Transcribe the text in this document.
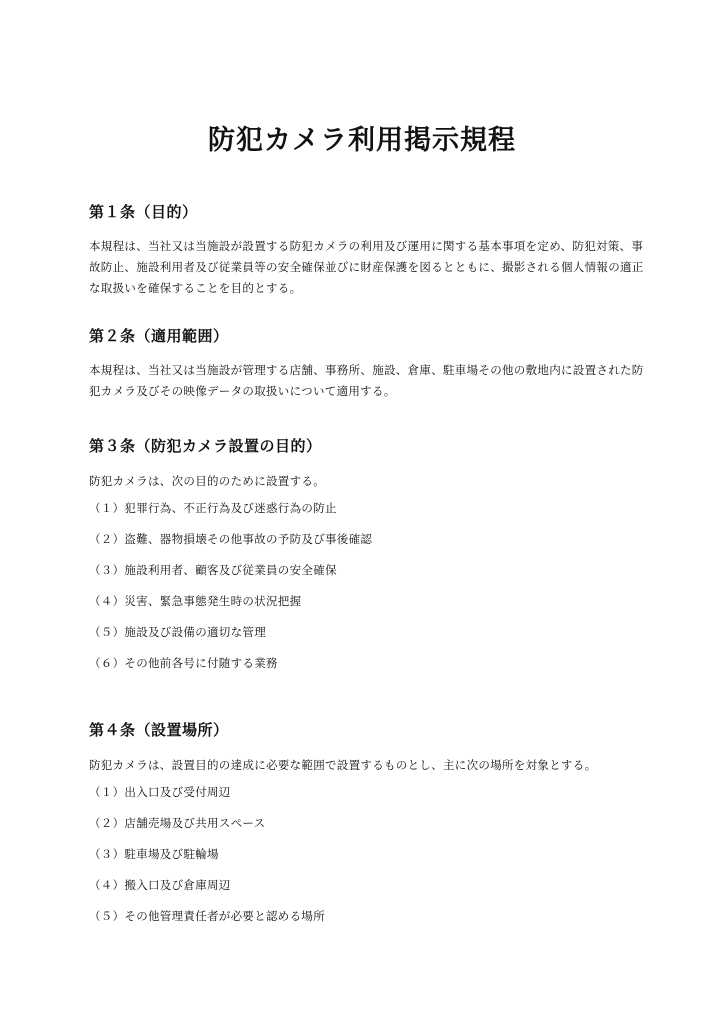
防犯カメラ利用掲示規程
第１条（目的）

本規程は、当社又は当施設が設置する防犯カメラの利用及び運用に関する基本事項を定め、防犯対策、事故防止、施設利用者及び従業員等の安全確保並びに財産保護を図るとともに、撮影される個人情報の適正な取扱いを確保することを目的とする。

第２条（適用範囲）

本規程は、当社又は当施設が管理する店舗、事務所、施設、倉庫、駐車場その他の敷地内に設置された防犯カメラ及びその映像データの取扱いについて適用する。

第３条（防犯カメラ設置の目的）

防犯カメラは、次の目的のために設置する。

（１）犯罪行為、不正行為及び迷惑行為の防止

（２）盗難、器物損壊その他事故の予防及び事後確認

（３）施設利用者、顧客及び従業員の安全確保

（４）災害、緊急事態発生時の状況把握

（５）施設及び設備の適切な管理

（６）その他前各号に付随する業務

第４条（設置場所）

防犯カメラは、設置目的の達成に必要な範囲で設置するものとし、主に次の場所を対象とする。

（１）出入口及び受付周辺

（２）店舗売場及び共用スペース

（３）駐車場及び駐輪場

（４）搬入口及び倉庫周辺

（５）その他管理責任者が必要と認める場所
